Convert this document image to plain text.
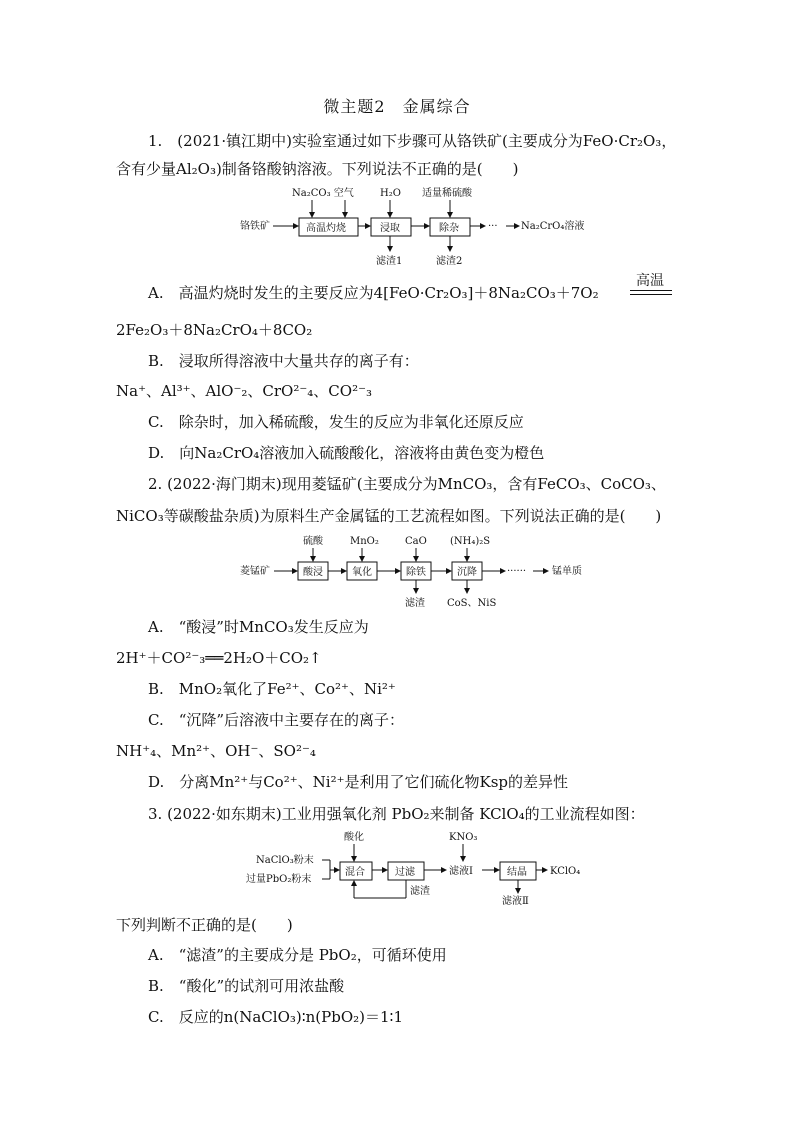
微主题2　金属综合
1.　(2021·镇江期中)实验室通过如下步骤可从铬铁矿(主要成分为FeO·Cr₂O₃，
含有少量Al₂O₃)制备铬酸钠溶液。下列说法不正确的是(　　)
铬铁矿
Na₂CO₃ 空气
高温灼烧
H₂O
浸取
滤渣1
适量稀硫酸
除杂
滤渣2
··· Na₂CrO₄溶液
A.　高温灼烧时发生的主要反应为4[FeO·Cr₂O₃]＋8Na₂CO₃＋7O₂
高温
2Fe₂O₃＋8Na₂CrO₄＋8CO₂
B.　浸取所得溶液中大量共存的离子有：
Na⁺、Al³⁺、AlO⁻₂、CrO²⁻₄、CO²⁻₃
C.　除杂时，加入稀硫酸，发生的反应为非氧化还原反应
D.　向Na₂CrO₄溶液加入硫酸酸化，溶液将由黄色变为橙色
2. (2022·海门期末)现用菱锰矿(主要成分为MnCO₃，含有FeCO₃、CoCO₃、
NiCO₃等碳酸盐杂质)为原料生产金属锰的工艺流程如图。下列说法正确的是(　　)
菱锰矿
硫酸
酸浸
MnO₂
氧化
CaO
除铁
滤渣
(NH₄)₂S
沉降
CoS、NiS
······	锰单质
A.　“酸浸”时MnCO₃发生反应为
2H⁺＋CO²⁻₃══2H₂O＋CO₂↑
B.　MnO₂氧化了Fe²⁺、Co²⁺、Ni²⁺
C.　“沉降”后溶液中主要存在的离子：
NH⁺₄、Mn²⁺、OH⁻、SO²⁻₄
D.　分离Mn²⁺与Co²⁺、Ni²⁺是利用了它们硫化物Ksp的差异性
3. (2022·如东期末)工业用强氧化剂 PbO₂来制备 KClO₄的工业流程如图：
NaClO₃粉末
过量PbO₂粉末
酸化
混合	过滤
滤渣
滤液Ⅰ
KNO₃
结晶
滤液Ⅱ
KClO₄
下列判断不正确的是(　　)
A.　“滤渣”的主要成分是 PbO₂，可循环使用
B.　“酸化”的试剂可用浓盐酸
C.　反应的n(NaClO₃)∶n(PbO₂)＝1∶1
